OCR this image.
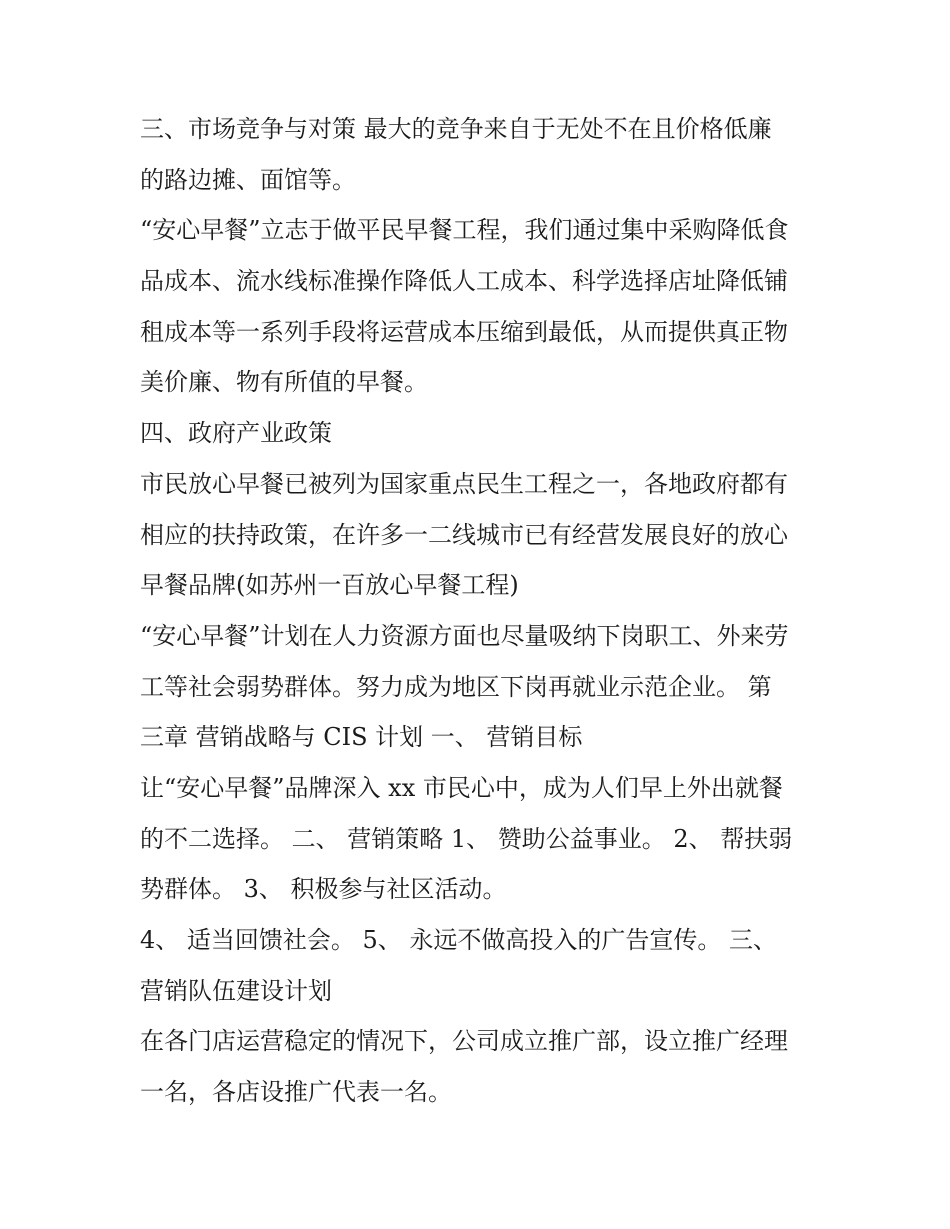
三、市场竞争与对策 最大的竞争来自于无处不在且价格低廉
的路边摊、面馆等。
“安心早餐”立志于做平民早餐工程，我们通过集中采购降低食
品成本、流水线标准操作降低人工成本、科学选择店址降低铺
租成本等一系列手段将运营成本压缩到最低，从而提供真正物
美价廉、物有所值的早餐。
四、政府产业政策
市民放心早餐已被列为国家重点民生工程之一，各地政府都有
相应的扶持政策，在许多一二线城市已有经营发展良好的放心
早餐品牌(如苏州一百放心早餐工程)
“安心早餐”计划在人力资源方面也尽量吸纳下岗职工、外来劳
工等社会弱势群体。努力成为地区下岗再就业示范企业。 第
三章 营销战略与 CIS 计划 一、 营销目标
让“安心早餐”品牌深入 xx 市民心中，成为人们早上外出就餐
的不二选择。 二、 营销策略 1、 赞助公益事业。 2、 帮扶弱
势群体。 3、 积极参与社区活动。
4、 适当回馈社会。 5、 永远不做高投入的广告宣传。 三、
营销队伍建设计划
在各门店运营稳定的情况下，公司成立推广部，设立推广经理
一名，各店设推广代表一名。
